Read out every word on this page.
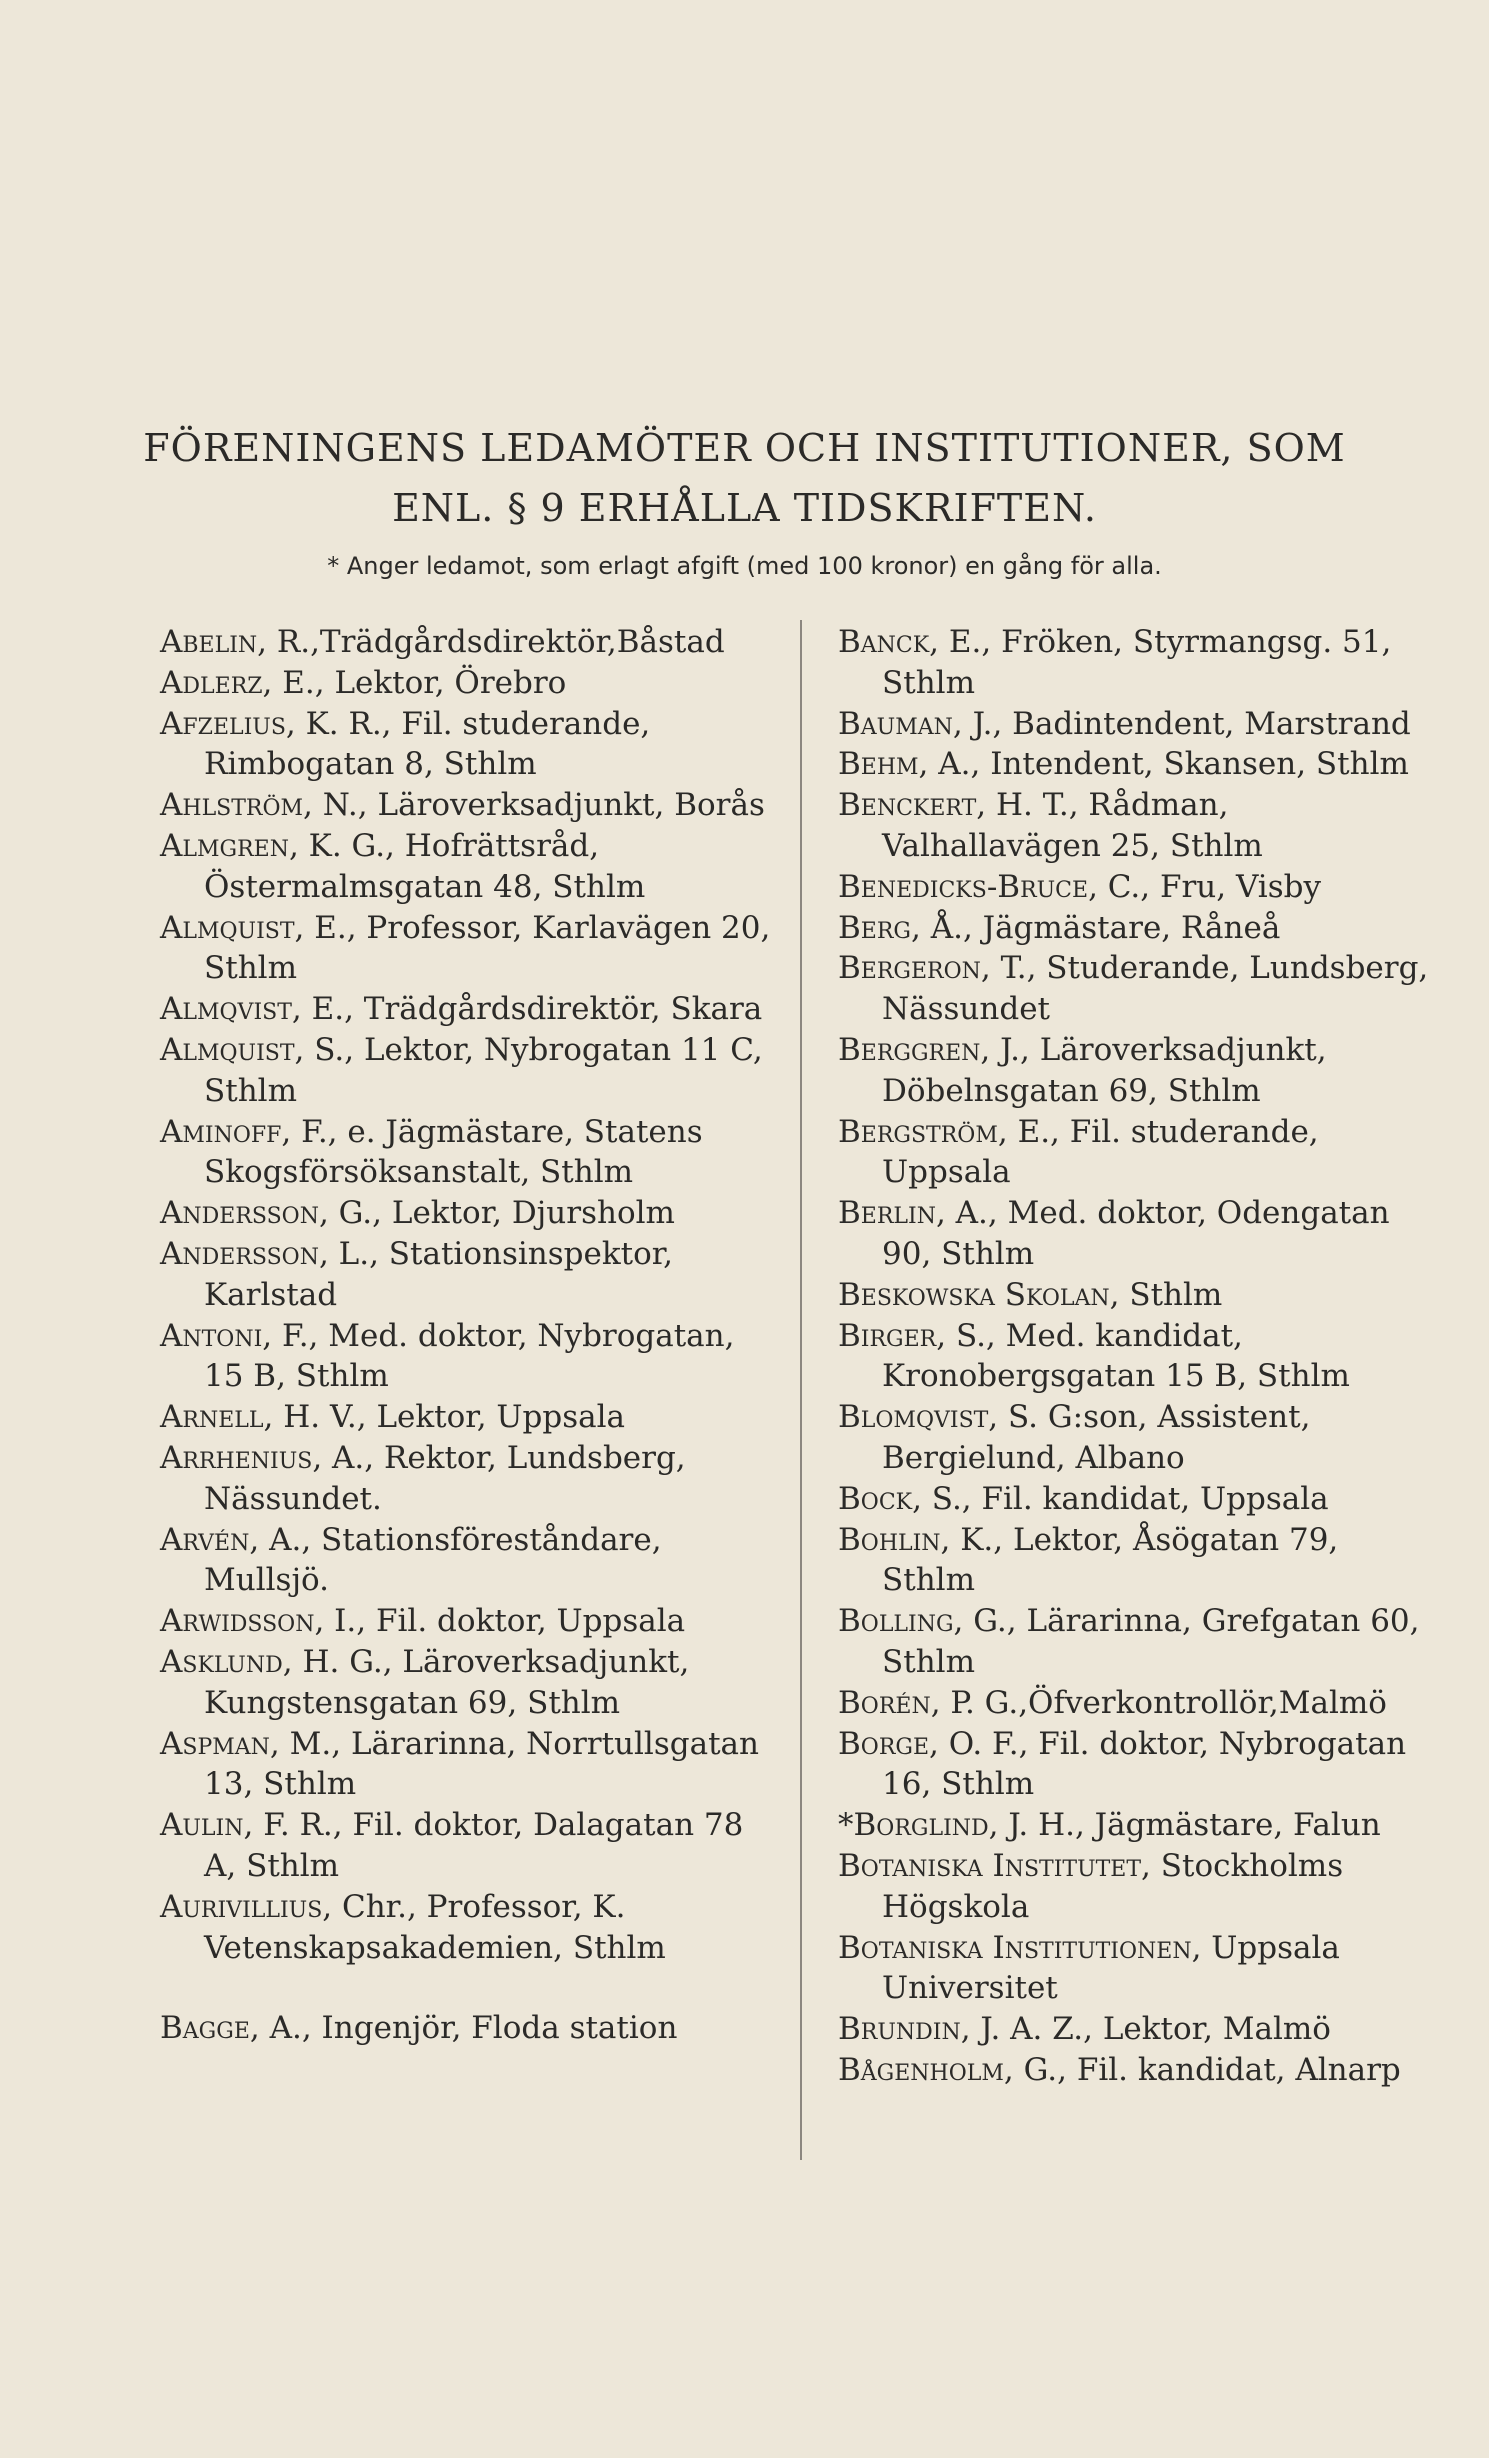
FÖRENINGENS LEDAMÖTER OCH INSTITUTIONER, SOM
ENL. § 9 ERHÅLLA TIDSKRIFTEN.
* Anger ledamot, som erlagt afgift (med 100 kronor) en gång för alla.
Abelin, R.,Trädgårdsdirektör,Båstad
Adlerz, E., Lektor, Örebro
Afzelius, K. R., Fil. studerande, Rimbogatan 8, Sthlm
Ahlström, N., Läroverksadjunkt, Borås
Almgren, K. G., Hofrättsråd, Östermalmsgatan 48, Sthlm
Almquist, E., Professor, Karlavägen 20, Sthlm
Almqvist, E., Trädgårdsdirektör, Skara
Almquist, S., Lektor, Nybrogatan 11 C, Sthlm
Aminoff, F., e. Jägmästare, Statens Skogsförsöksanstalt, Sthlm
Andersson, G., Lektor, Djursholm
Andersson, L., Stationsinspektor, Karlstad
Antoni, F., Med. doktor, Nybrogatan, 15 B, Sthlm
Arnell, H. V., Lektor, Uppsala
Arrhenius, A., Rektor, Lundsberg, Nässundet.
Arvén, A., Stationsföreståndare, Mullsjö.
Arwidsson, I., Fil. doktor, Uppsala
Asklund, H. G., Läroverksadjunkt, Kungstensgatan 69, Sthlm
Aspman, M., Lärarinna, Norrtullsgatan 13, Sthlm
Aulin, F. R., Fil. doktor, Dalagatan 78 A, Sthlm
Aurivillius, Chr., Professor, K. Vetenskapsakademien, Sthlm
Bagge, A., Ingenjör, Floda station
Banck, E., Fröken, Styrmangsg. 51, Sthlm
Bauman, J., Badintendent, Marstrand
Behm, A., Intendent, Skansen, Sthlm
Benckert, H. T., Rådman, Valhallavägen 25, Sthlm
Benedicks-Bruce, C., Fru, Visby
Berg, Å., Jägmästare, Råneå
Bergeron, T., Studerande, Lundsberg, Nässundet
Berggren, J., Läroverksadjunkt, Döbelnsgatan 69, Sthlm
Bergström, E., Fil. studerande, Uppsala
Berlin, A., Med. doktor, Odengatan 90, Sthlm
Beskowska Skolan, Sthlm
Birger, S., Med. kandidat, Kronobergsgatan 15 B, Sthlm
Blomqvist, S. G:son, Assistent, Bergielund, Albano
Bock, S., Fil. kandidat, Uppsala
Bohlin, K., Lektor, Åsögatan 79, Sthlm
Bolling, G., Lärarinna, Grefgatan 60, Sthlm
Borén, P. G.,Öfverkontrollör,Malmö
Borge, O. F., Fil. doktor, Nybrogatan 16, Sthlm
*Borglind, J. H., Jägmästare, Falun
Botaniska Institutet, Stockholms Högskola
Botaniska Institutionen, Uppsala Universitet
Brundin, J. A. Z., Lektor, Malmö
Bågenholm, G., Fil. kandidat, Alnarp
